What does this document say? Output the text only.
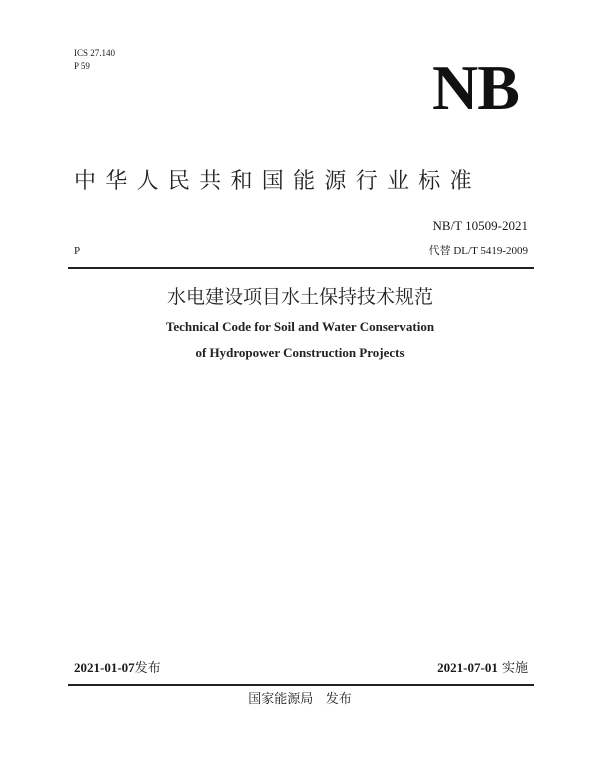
ICS 27.140
P 59	NB
中华人民共和国能源行业标准
NB/T 10509-2021
P	代替 DL/T 5419-2009
水电建设项目水土保持技术规范
Technical Code for Soil and Water Conservation
of Hydropower Construction Projects
2021-01-07发布	2021-07-01 实施
国家能源局   发布
